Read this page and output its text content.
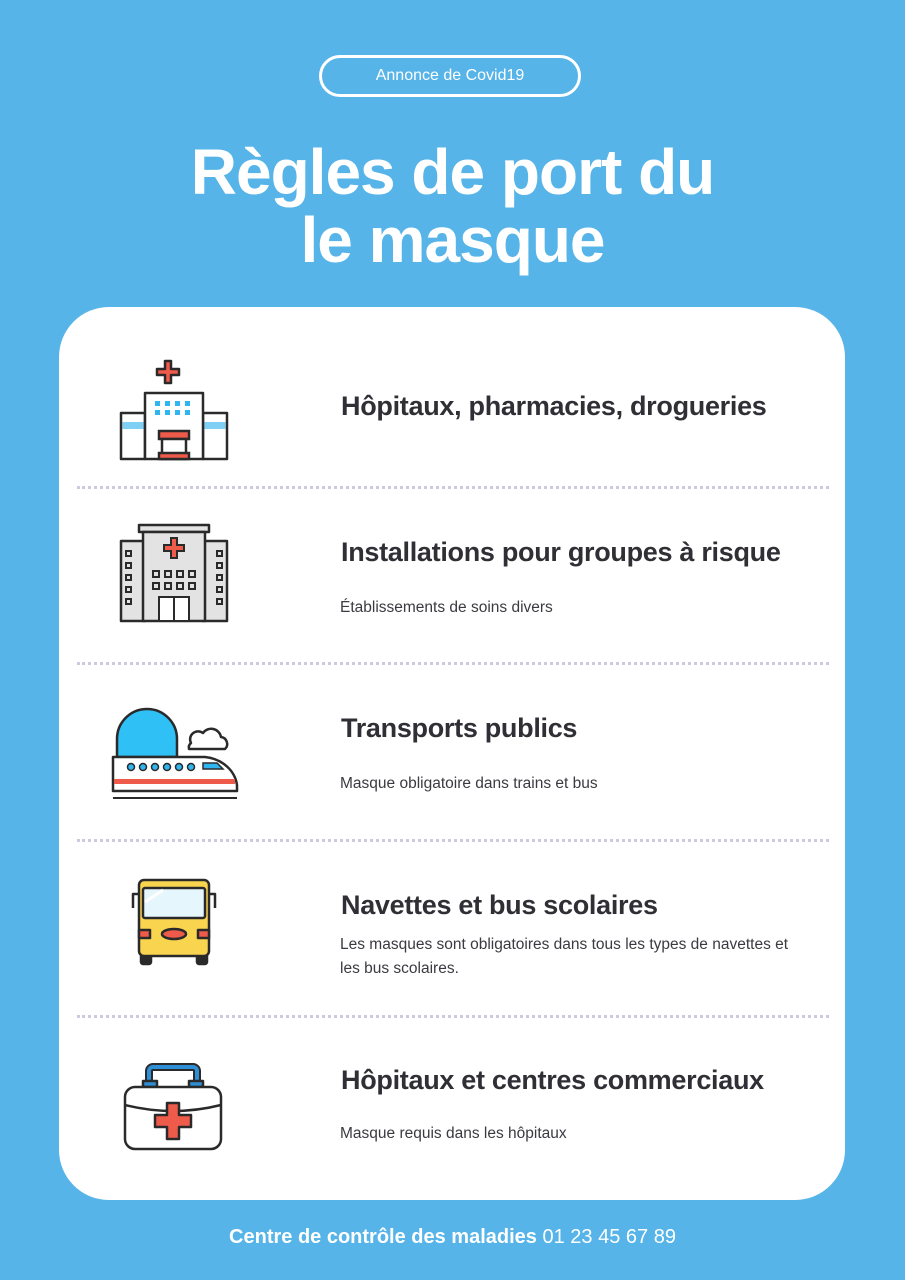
Annonce de Covid19
Règles de port du
le masque
Hôpitaux, pharmacies, drogueries
Installations pour groupes à risque

Établissements de soins divers

Transports publics

Masque obligatoire dans trains et bus

Navettes et bus scolaires

Les masques sont obligatoires dans tous les types de navettes et les bus scolaires.

Hôpitaux et centres commerciaux

Masque requis dans les hôpitaux

Centre de contrôle des maladies 01 23 45 67 89
